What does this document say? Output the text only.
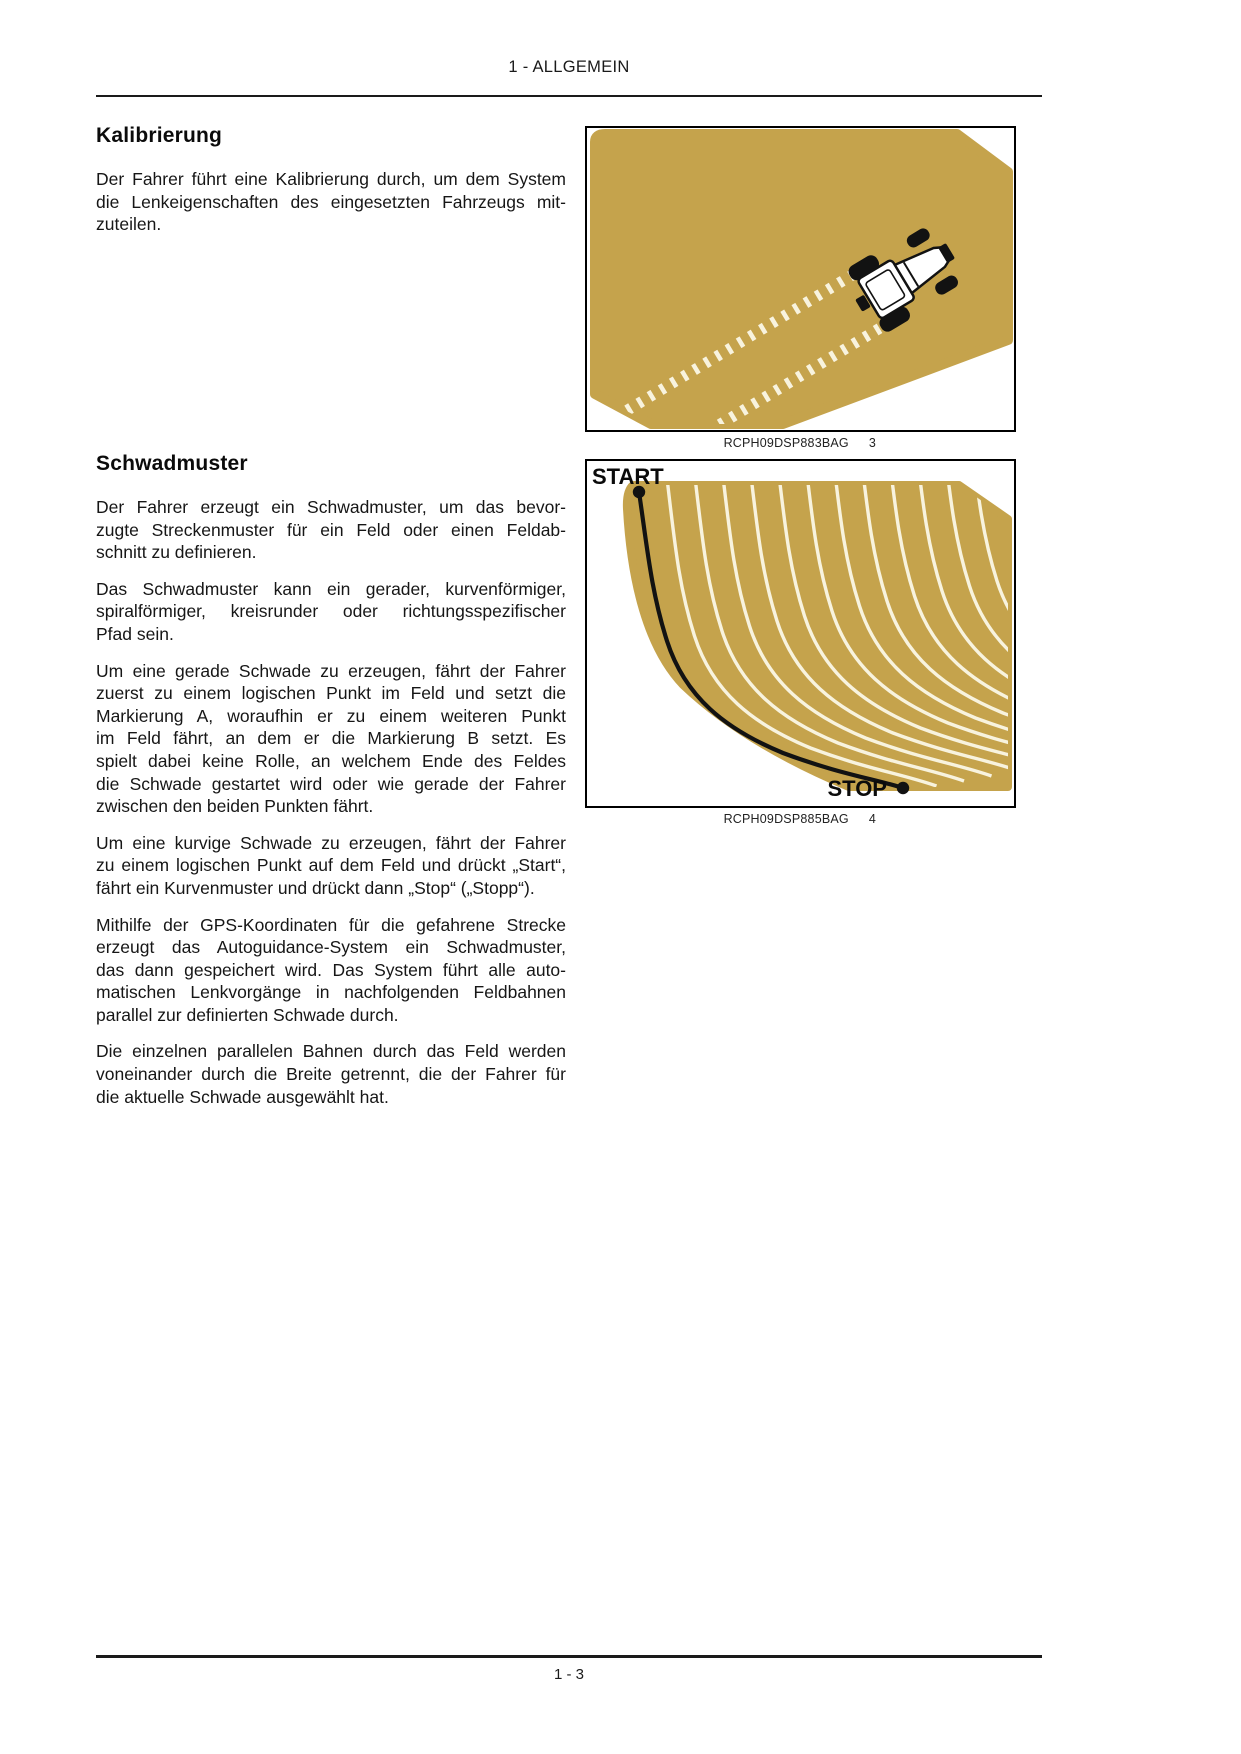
1 - ALLGEMEIN
Kalibrierung
Der Fahrer führt eine Kalibrierung durch, um dem System
die Lenkeigenschaften des eingesetzten Fahrzeugs mit-
zuteilen.
Schwadmuster
Der Fahrer erzeugt ein Schwadmuster, um das bevor-
zugte Streckenmuster für ein Feld oder einen Feldab-
schnitt zu definieren.
Das Schwadmuster kann ein gerader, kurvenförmiger,
spiralförmiger, kreisrunder oder richtungsspezifischer
Pfad sein.
Um eine gerade Schwade zu erzeugen, fährt der Fahrer
zuerst zu einem logischen Punkt im Feld und setzt die
Markierung A, woraufhin er zu einem weiteren Punkt
im Feld fährt, an dem er die Markierung B setzt. Es
spielt dabei keine Rolle, an welchem Ende des Feldes
die Schwade gestartet wird oder wie gerade der Fahrer
zwischen den beiden Punkten fährt.
Um eine kurvige Schwade zu erzeugen, fährt der Fahrer
zu einem logischen Punkt auf dem Feld und drückt „Start“,
fährt ein Kurvenmuster und drückt dann „Stop“ („Stopp“).
Mithilfe der GPS-Koordinaten für die gefahrene Strecke
erzeugt das Autoguidance-System ein Schwadmuster,
das dann gespeichert wird. Das System führt alle auto-
matischen Lenkvorgänge in nachfolgenden Feldbahnen
parallel zur definierten Schwade durch.
Die einzelnen parallelen Bahnen durch das Feld werden
voneinander durch die Breite getrennt, die der Fahrer für
die aktuelle Schwade ausgewählt hat.
RCPH09DSP883BAG 3
START
STOP
RCPH09DSP885BAG 4
1 - 3
